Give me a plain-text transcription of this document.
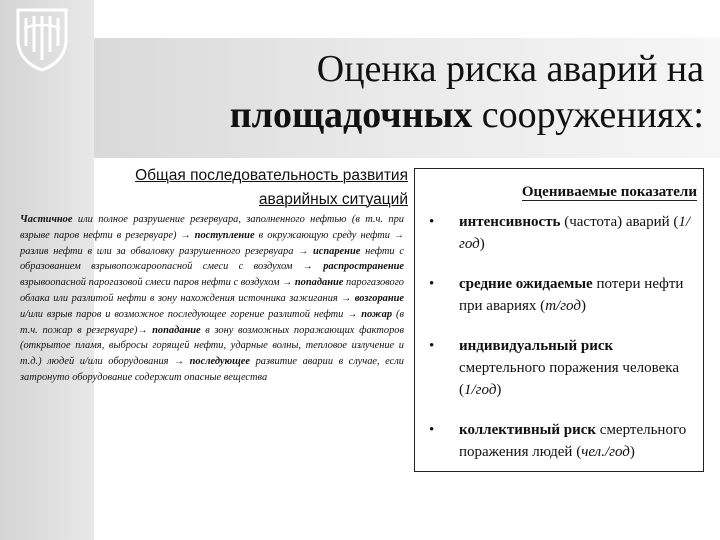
Оценка риска аварий на
площадочных сооружениях:
Общая последовательность развития
аварийных ситуаций
Частичное или полное разрушение резервуара, заполненного нефтью (в т.ч. при взрыве паров нефти в резервуаре) → поступление в окружающую среду нефти → разлив нефти в или за обваловку разрушенного резервуара → испарение нефти с образованием взрывопожароопасной смеси с воздухом → распространение взрывоопасной парогазовой смеси паров нефти с воздухом → попадание парогазового облака или разлитой нефти в зону нахождения источника зажигания → возгорание и/или взрыв паров и возможное последующее горение разлитой нефти → пожар (в т.ч. пожар в резервуаре)→ попадание в зону возможных поражающих факторов (открытое пламя, выбросы горящей нефти, ударные волны, тепловое излучение и т.д.) людей и/или оборудования → последующее развитие аварии в случае, если затронуто оборудование содержит опасные вещества
Оцениваемые показатели
• интенсивность (частота) аварий (1/год)
• средние ожидаемые потери нефти при авариях (т/год)
• индивидуальный риск смертельного поражения человека (1/год)
• коллективный риск смертельного поражения людей (чел./год)
